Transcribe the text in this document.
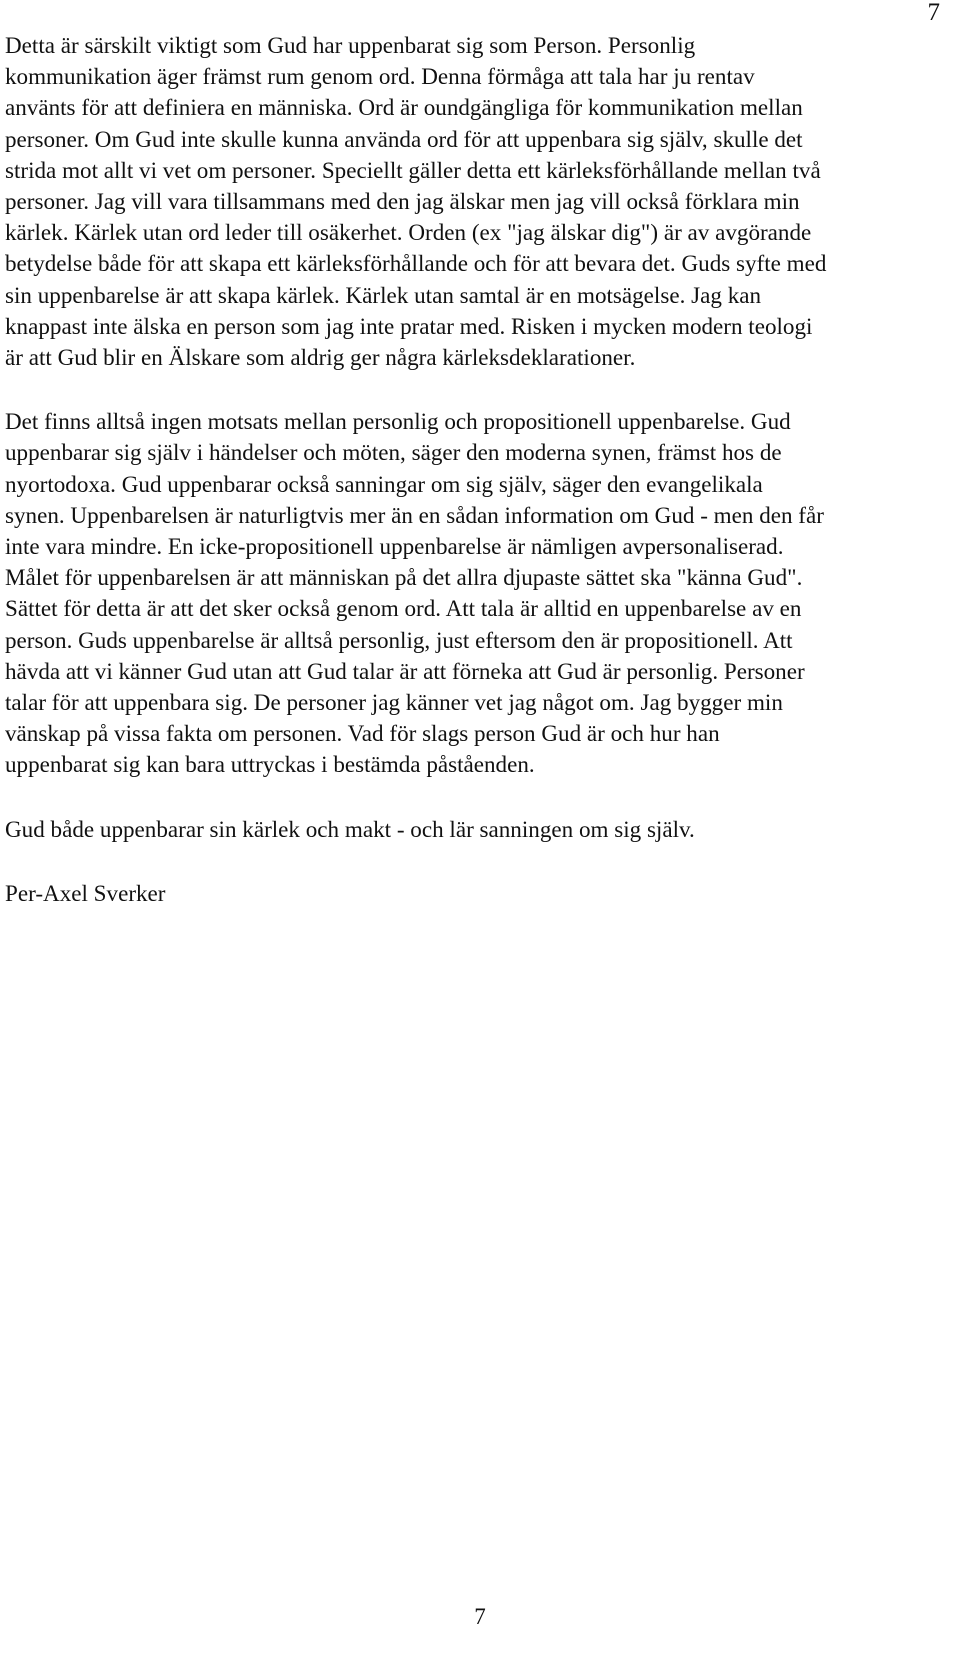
7

Detta är särskilt viktigt som Gud har uppenbarat sig som Person. Personlig

kommunikation äger främst rum genom ord. Denna förmåga att tala har ju rentav

använts för att definiera en människa. Ord är oundgängliga för kommunikation mellan

personer. Om Gud inte skulle kunna använda ord för att uppenbara sig själv, skulle det

strida mot allt vi vet om personer. Speciellt gäller detta ett kärleksförhållande mellan två

personer. Jag vill vara tillsammans med den jag älskar men jag vill också förklara min

kärlek. Kärlek utan ord leder till osäkerhet. Orden (ex "jag älskar dig") är av avgörande

betydelse både för att skapa ett kärleksförhållande och för att bevara det. Guds syfte med

sin uppenbarelse är att skapa kärlek. Kärlek utan samtal är en motsägelse. Jag kan

knappast inte älska en person som jag inte pratar med. Risken i mycken modern teologi

är att Gud blir en Älskare som aldrig ger några kärleksdeklarationer.

Det finns alltså ingen motsats mellan personlig och propositionell uppenbarelse. Gud

uppenbarar sig själv i händelser och möten, säger den moderna synen, främst hos de

nyortodoxa. Gud uppenbarar också sanningar om sig själv, säger den evangelikala

synen. Uppenbarelsen är naturligtvis mer än en sådan information om Gud - men den får

inte vara mindre. En icke-propositionell uppenbarelse är nämligen avpersonaliserad.

Målet för uppenbarelsen är att människan på det allra djupaste sättet ska "känna Gud".

Sättet för detta är att det sker också genom ord. Att tala är alltid en uppenbarelse av en

person. Guds uppenbarelse är alltså personlig, just eftersom den är propositionell. Att

hävda att vi känner Gud utan att Gud talar är att förneka att Gud är personlig. Personer

talar för att uppenbara sig. De personer jag känner vet jag något om. Jag bygger min

vänskap på vissa fakta om personen. Vad för slags person Gud är och hur han

uppenbarat sig kan bara uttryckas i bestämda påståenden.

Gud både uppenbarar sin kärlek och makt - och lär sanningen om sig själv.

Per-Axel Sverker

7
